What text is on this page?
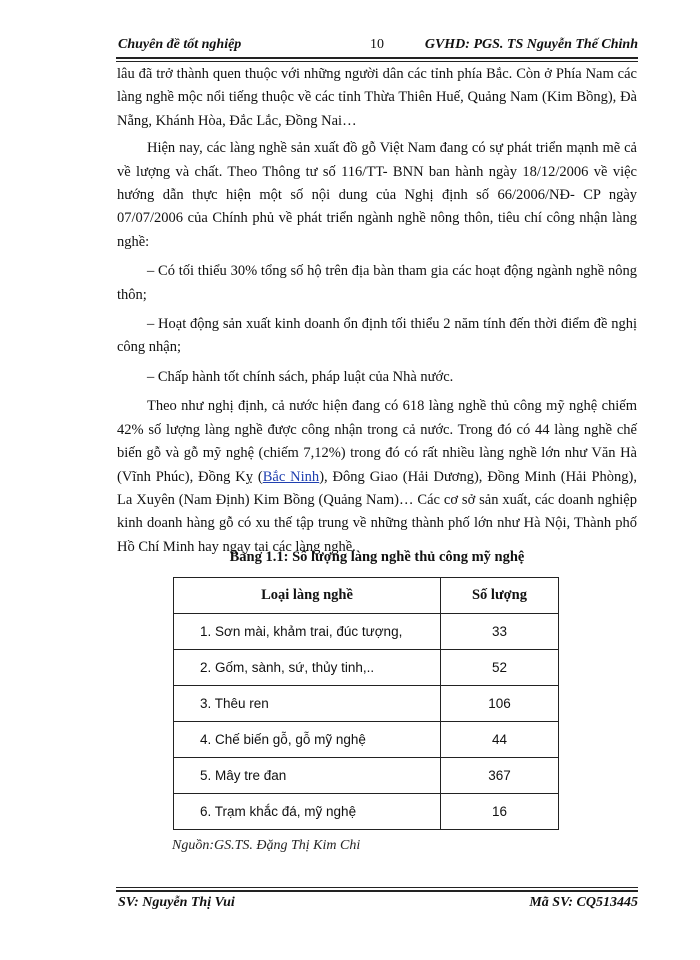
Chuyên đề tốt nghiệp	10	GVHD: PGS. TS Nguyễn Thế Chinh

lâu đã trở thành quen thuộc với những người dân các tỉnh phía Bắc. Còn ở Phía Nam các làng nghề mộc nổi tiếng thuộc về các tỉnh Thừa Thiên Huế, Quảng Nam (Kim Bồng), Đà Nẵng, Khánh Hòa, Đắc Lắc, Đồng Nai…

Hiện nay, các làng nghề sản xuất đồ gỗ Việt Nam đang có sự phát triển mạnh mẽ cả về lượng và chất. Theo Thông tư số 116/TT- BNN ban hành ngày 18/12/2006 về việc hướng dẫn thực hiện một số nội dung của Nghị định số 66/2006/NĐ- CP ngày 07/07/2006 của Chính phủ về phát triển ngành nghề nông thôn, tiêu chí công nhận làng nghề:

– Có tối thiểu 30% tổng số hộ trên địa bàn tham gia các hoạt động ngành nghề nông thôn;

– Hoạt động sản xuất kinh doanh ổn định tối thiểu 2 năm tính đến thời điểm đề nghị công nhận;

– Chấp hành tốt chính sách, pháp luật của Nhà nước.

Theo như nghị định, cả nước hiện đang có 618 làng nghề thủ công mỹ nghệ chiếm 42% số lượng làng nghề được công nhận trong cả nước. Trong đó có 44 làng nghề chế biến gỗ và gỗ mỹ nghệ (chiếm 7,12%) trong đó có rất nhiều làng nghề lớn như Văn Hà (Vĩnh Phúc), Đồng Kỵ (Bắc Ninh), Đông Giao (Hải Dương), Đồng Minh (Hải Phòng), La Xuyên (Nam Định) Kim Bồng (Quảng Nam)… Các cơ sở sản xuất, các doanh nghiệp kinh doanh hàng gỗ có xu thế tập trung về những thành phố lớn như Hà Nội, Thành phố Hồ Chí Minh hay ngay tại các làng nghề.

Bảng 1.1: Số lượng làng nghề thủ công mỹ nghệ
Loại làng nghề	Số lượng
1. Sơn mài, khảm trai, đúc tượng,	33
2. Gốm, sành, sứ, thủy tinh,..	52
3. Thêu ren	106
4. Chế biến gỗ, gỗ mỹ nghệ	44
5. Mây tre đan	367
6. Trạm khắc đá, mỹ nghệ	16
Nguồn:GS.TS. Đặng Thị Kim Chi
SV: Nguyễn Thị Vui	Mã SV: CQ513445
